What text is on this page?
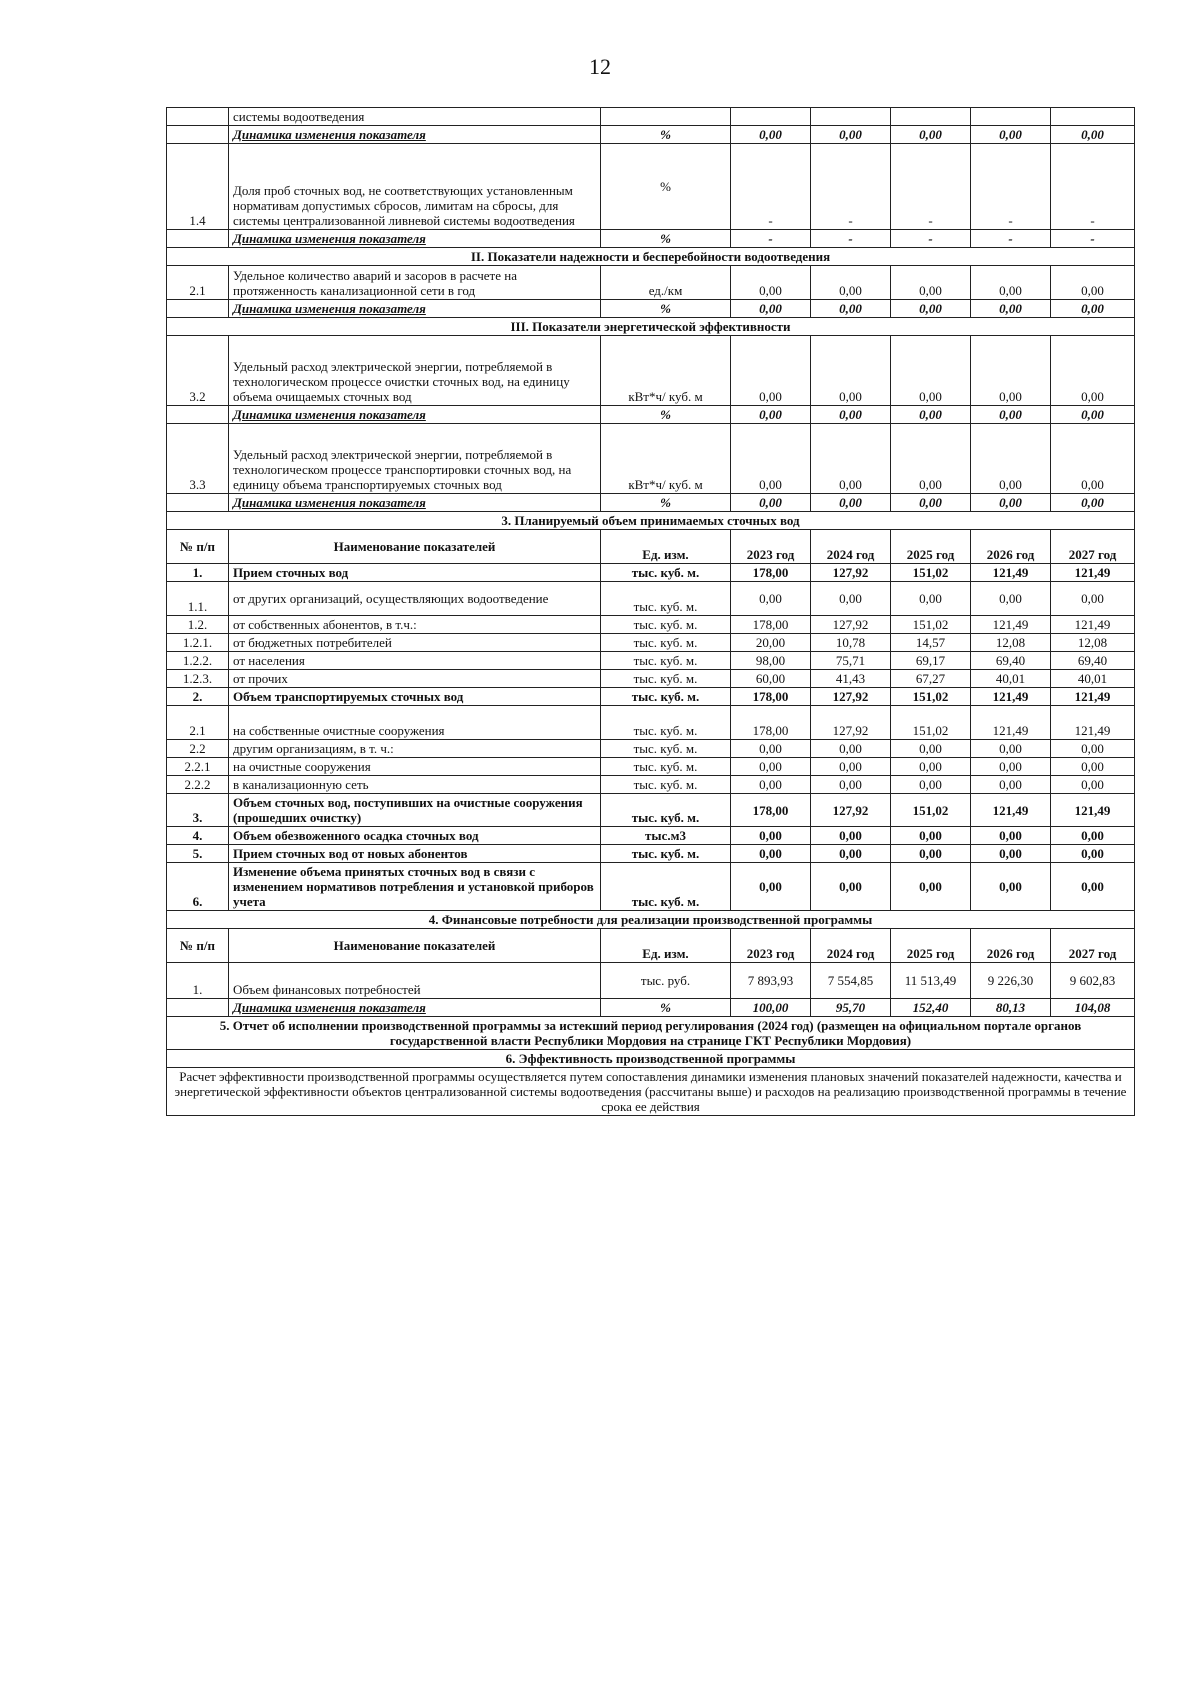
12
	системы водоотведения						
	Динамика изменения показателя	%	0,00	0,00	0,00	0,00	0,00
1.4	Доля проб сточных вод, не соответствующих установленным нормативам допустимых сбросов, лимитам на сбросы, для системы централизованной ливневой системы водоотведения	%	-	-	-	-	-
	Динамика изменения показателя	%	-	-	-	-	-
II. Показатели надежности и бесперебойности водоотведения							
2.1	Удельное количество аварий и засоров в расчете на протяженность канализационной сети в год	ед./км	0,00	0,00	0,00	0,00	0,00
	Динамика изменения показателя	%	0,00	0,00	0,00	0,00	0,00
III. Показатели энергетической эффективности							
3.2	Удельный расход электрической энергии, потребляемой в технологическом процессе очистки сточных вод, на единицу объема очищаемых сточных вод	кВт*ч/ куб. м	0,00	0,00	0,00	0,00	0,00
	Динамика изменения показателя	%	0,00	0,00	0,00	0,00	0,00
3.3	Удельный расход электрической энергии, потребляемой в технологическом процессе транспортировки сточных вод, на единицу объема транспортируемых сточных вод	кВт*ч/ куб. м	0,00	0,00	0,00	0,00	0,00
	Динамика изменения показателя	%	0,00	0,00	0,00	0,00	0,00
3. Планируемый объем принимаемых сточных вод							
№ п/п	Наименование показателей	Ед. изм.	2023 год	2024 год	2025 год	2026 год	2027 год
1.	Прием сточных вод	тыс. куб. м.	178,00	127,92	151,02	121,49	121,49
1.1.	от других организаций, осуществляющих водоотведение	тыс. куб. м.	0,00	0,00	0,00	0,00	0,00
1.2.	от собственных абонентов, в т.ч.:	тыс. куб. м.	178,00	127,92	151,02	121,49	121,49
1.2.1.	от бюджетных потребителей	тыс. куб. м.	20,00	10,78	14,57	12,08	12,08
1.2.2.	от населения	тыс. куб. м.	98,00	75,71	69,17	69,40	69,40
1.2.3.	от прочих	тыс. куб. м.	60,00	41,43	67,27	40,01	40,01
2.	Объем транспортируемых сточных вод	тыс. куб. м.	178,00	127,92	151,02	121,49	121,49
2.1	на собственные очистные сооружения	тыс. куб. м.	178,00	127,92	151,02	121,49	121,49
2.2	другим организациям, в т. ч.:	тыс. куб. м.	0,00	0,00	0,00	0,00	0,00
2.2.1	на очистные сооружения	тыс. куб. м.	0,00	0,00	0,00	0,00	0,00
2.2.2	в канализационную сеть	тыс. куб. м.	0,00	0,00	0,00	0,00	0,00
3.	Объем сточных вод, поступивших на очистные сооружения (прошедших очистку)	тыс. куб. м.	178,00	127,92	151,02	121,49	121,49
4.	Объем обезвоженного осадка сточных вод	тыс.м3	0,00	0,00	0,00	0,00	0,00
5.	Прием сточных вод от новых абонентов	тыс. куб. м.	0,00	0,00	0,00	0,00	0,00
6.	Изменение объема принятых сточных вод в связи с изменением нормативов потребления и установкой приборов учета	тыс. куб. м.	0,00	0,00	0,00	0,00	0,00
4. Финансовые потребности для реализации производственной программы							
№ п/п	Наименование показателей	Ед. изм.	2023 год	2024 год	2025 год	2026 год	2027 год
1.	Объем финансовых потребностей	тыс. руб.	7 893,93	7 554,85	11 513,49	9 226,30	9 602,83
	Динамика изменения показателя	%	100,00	95,70	152,40	80,13	104,08
5. Отчет об исполнении производственной программы за истекший период регулирования (2024 год) (размещен на официальном портале органов государственной власти Республики Мордовия на странице ГКТ Республики Мордовия)							
6. Эффективность производственной программы							
Расчет эффективности производственной программы осуществляется путем сопоставления динамики изменения плановых значений показателей надежности, качества и энергетической эффективности объектов централизованной системы водоотведения (рассчитаны выше) и расходов на реализацию производственной программы в течение срока ее действия							
